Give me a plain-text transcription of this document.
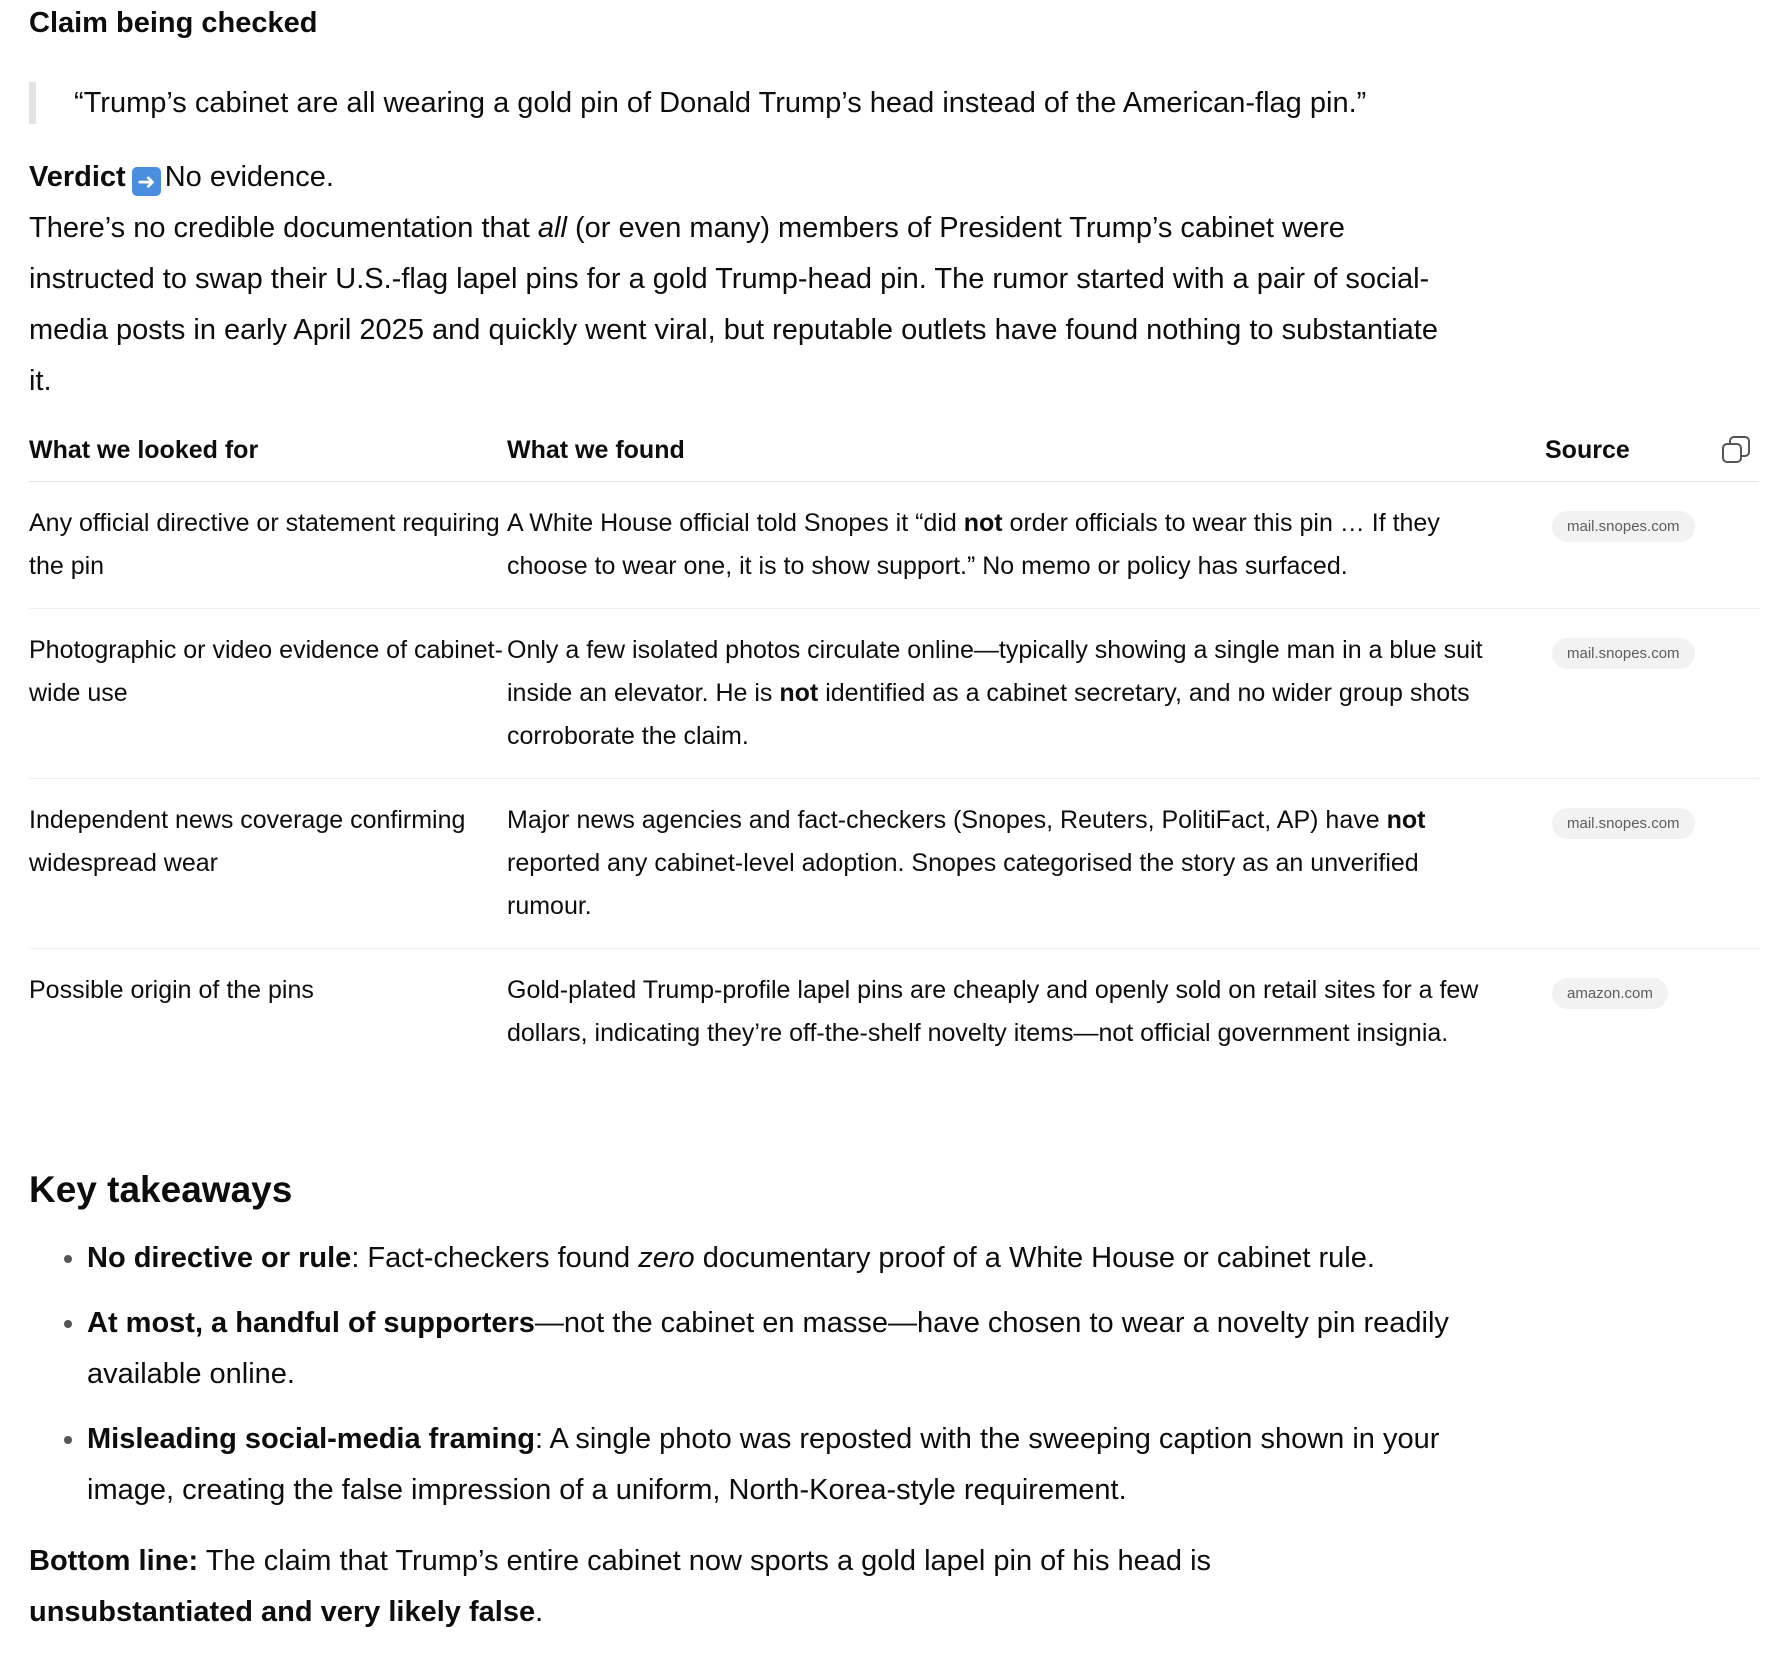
Claim being checked
“Trump’s cabinet are all wearing a gold pin of Donald Trump’s head instead of the American-flag pin.”
Verdict ➜ No evidence.
There’s no credible documentation that all (or even many) members of President Trump’s cabinet were instructed to swap their U.S.-flag lapel pins for a gold Trump-head pin. The rumor started with a pair of social-media posts in early April 2025 and quickly went viral, but reputable outlets have found nothing to substantiate it.
What we looked for	What we found	Source

Any official directive or statement requiring the pin	A White House official told Snopes it “did not order officials to wear this pin … If they choose to wear one, it is to show support.” No memo or policy has surfaced.	mail.snopes.com
Photographic or video evidence of cabinet-wide use	Only a few isolated photos circulate online—typically showing a single man in a blue suit inside an elevator. He is not identified as a cabinet secretary, and no wider group shots corroborate the claim.	mail.snopes.com
Independent news coverage confirming widespread wear	Major news agencies and fact-checkers (Snopes, Reuters, PolitiFact, AP) have not reported any cabinet-level adoption. Snopes categorised the story as an unverified rumour.	mail.snopes.com
Possible origin of the pins	Gold-plated Trump-profile lapel pins are cheaply and openly sold on retail sites for a few dollars, indicating they’re off-the-shelf novelty items—not official government insignia.	amazon.com
Key takeaways
• No directive or rule: Fact-checkers found zero documentary proof of a White House or cabinet rule.
• At most, a handful of supporters—not the cabinet en masse—have chosen to wear a novelty pin readily available online.
• Misleading social-media framing: A single photo was reposted with the sweeping caption shown in your image, creating the false impression of a uniform, North-Korea-style requirement.
Bottom line: The claim that Trump’s entire cabinet now sports a gold lapel pin of his head is unsubstantiated and very likely false.
